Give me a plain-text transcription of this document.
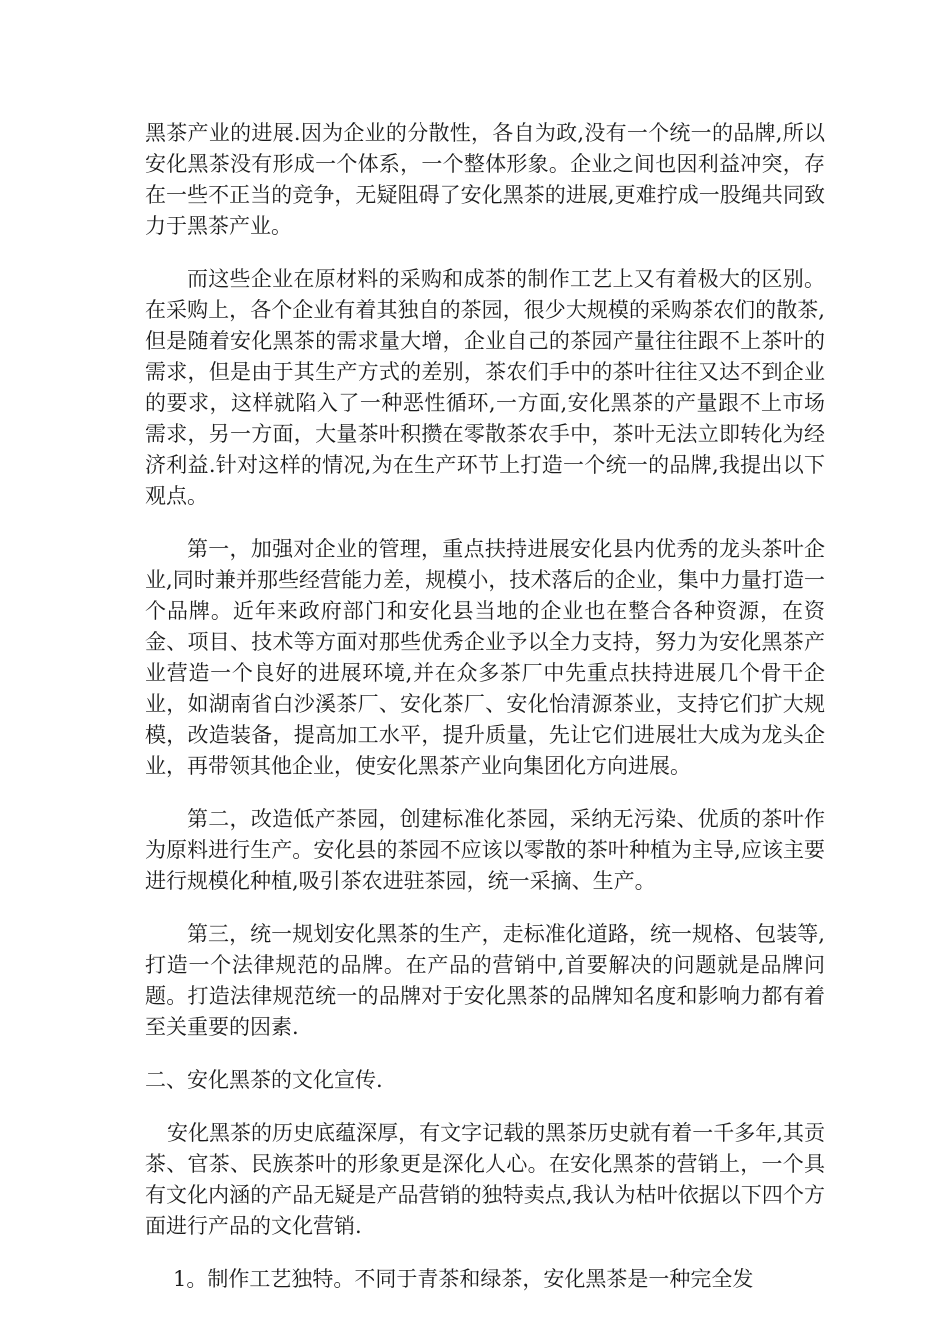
黑茶产业的进展.因为企业的分散性，各自为政,没有一个统一的品牌,所以安化黑茶没有形成一个体系，一个整体形象。企业之间也因利益冲突，存在一些不正当的竞争，无疑阻碍了安化黑茶的进展,更难拧成一股绳共同致力于黑茶产业。

而这些企业在原材料的采购和成茶的制作工艺上又有着极大的区别。在采购上，各个企业有着其独自的茶园，很少大规模的采购茶农们的散茶,但是随着安化黑茶的需求量大增，企业自己的茶园产量往往跟不上茶叶的需求，但是由于其生产方式的差别，茶农们手中的茶叶往往又达不到企业的要求，这样就陷入了一种恶性循环,一方面,安化黑茶的产量跟不上市场需求，另一方面，大量茶叶积攒在零散茶农手中，茶叶无法立即转化为经济利益.针对这样的情况,为在生产环节上打造一个统一的品牌,我提出以下观点。

第一，加强对企业的管理，重点扶持进展安化县内优秀的龙头茶叶企业,同时兼并那些经营能力差，规模小，技术落后的企业，集中力量打造一个品牌。近年来政府部门和安化县当地的企业也在整合各种资源，在资金、项目、技术等方面对那些优秀企业予以全力支持，努力为安化黑茶产业营造一个良好的进展环境,并在众多茶厂中先重点扶持进展几个骨干企业，如湖南省白沙溪茶厂、安化茶厂、安化怡清源茶业，支持它们扩大规模，改造装备，提高加工水平，提升质量，先让它们进展壮大成为龙头企业，再带领其他企业，使安化黑茶产业向集团化方向进展。

第二，改造低产茶园，创建标准化茶园，采纳无污染、优质的茶叶作为原料进行生产。安化县的茶园不应该以零散的茶叶种植为主导,应该主要进行规模化种植,吸引茶农进驻茶园，统一采摘、生产。

第三，统一规划安化黑茶的生产，走标准化道路，统一规格、包装等,打造一个法律规范的品牌。在产品的营销中,首要解决的问题就是品牌问题。打造法律规范统一的品牌对于安化黑茶的品牌知名度和影响力都有着至关重要的因素.

二、安化黑茶的文化宣传.

安化黑茶的历史底蕴深厚，有文字记载的黑茶历史就有着一千多年,其贡茶、官茶、民族茶叶的形象更是深化人心。在安化黑茶的营销上，一个具有文化内涵的产品无疑是产品营销的独特卖点,我认为枯叶依据以下四个方面进行产品的文化营销.

1。制作工艺独特。不同于青茶和绿茶，安化黑茶是一种完全发
